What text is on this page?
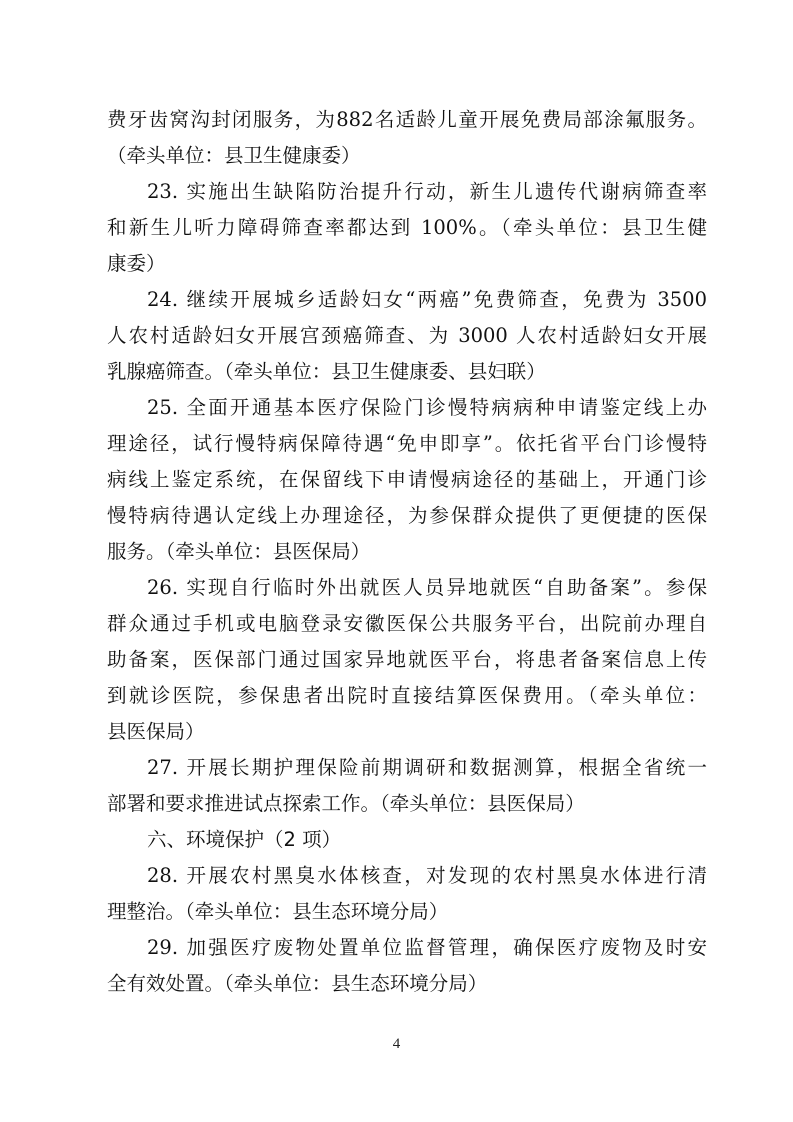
费牙齿窝沟封闭服务，为882名适龄儿童开展免费局部涂氟服务。
（牵头单位：县卫生健康委）
23. 实施出生缺陷防治提升行动，新生儿遗传代谢病筛查率
和新生儿听力障碍筛查率都达到 100%。（牵头单位：县卫生健
康委）
24. 继续开展城乡适龄妇女“两癌”免费筛查，免费为 3500
人农村适龄妇女开展宫颈癌筛查、为 3000 人农村适龄妇女开展
乳腺癌筛查。（牵头单位：县卫生健康委、县妇联）
25. 全面开通基本医疗保险门诊慢特病病种申请鉴定线上办
理途径，试行慢特病保障待遇“免申即享”。依托省平台门诊慢特
病线上鉴定系统，在保留线下申请慢病途径的基础上，开通门诊
慢特病待遇认定线上办理途径，为参保群众提供了更便捷的医保
服务。（牵头单位：县医保局）
26. 实现自行临时外出就医人员异地就医“自助备案”。参保
群众通过手机或电脑登录安徽医保公共服务平台，出院前办理自
助备案，医保部门通过国家异地就医平台，将患者备案信息上传
到就诊医院，参保患者出院时直接结算医保费用。（牵头单位：
县医保局）
27. 开展长期护理保险前期调研和数据测算，根据全省统一
部署和要求推进试点探索工作。（牵头单位：县医保局）
六、环境保护（2 项）
28. 开展农村黑臭水体核查，对发现的农村黑臭水体进行清
理整治。（牵头单位：县生态环境分局）
29. 加强医疗废物处置单位监督管理，确保医疗废物及时安
全有效处置。（牵头单位：县生态环境分局）
4
